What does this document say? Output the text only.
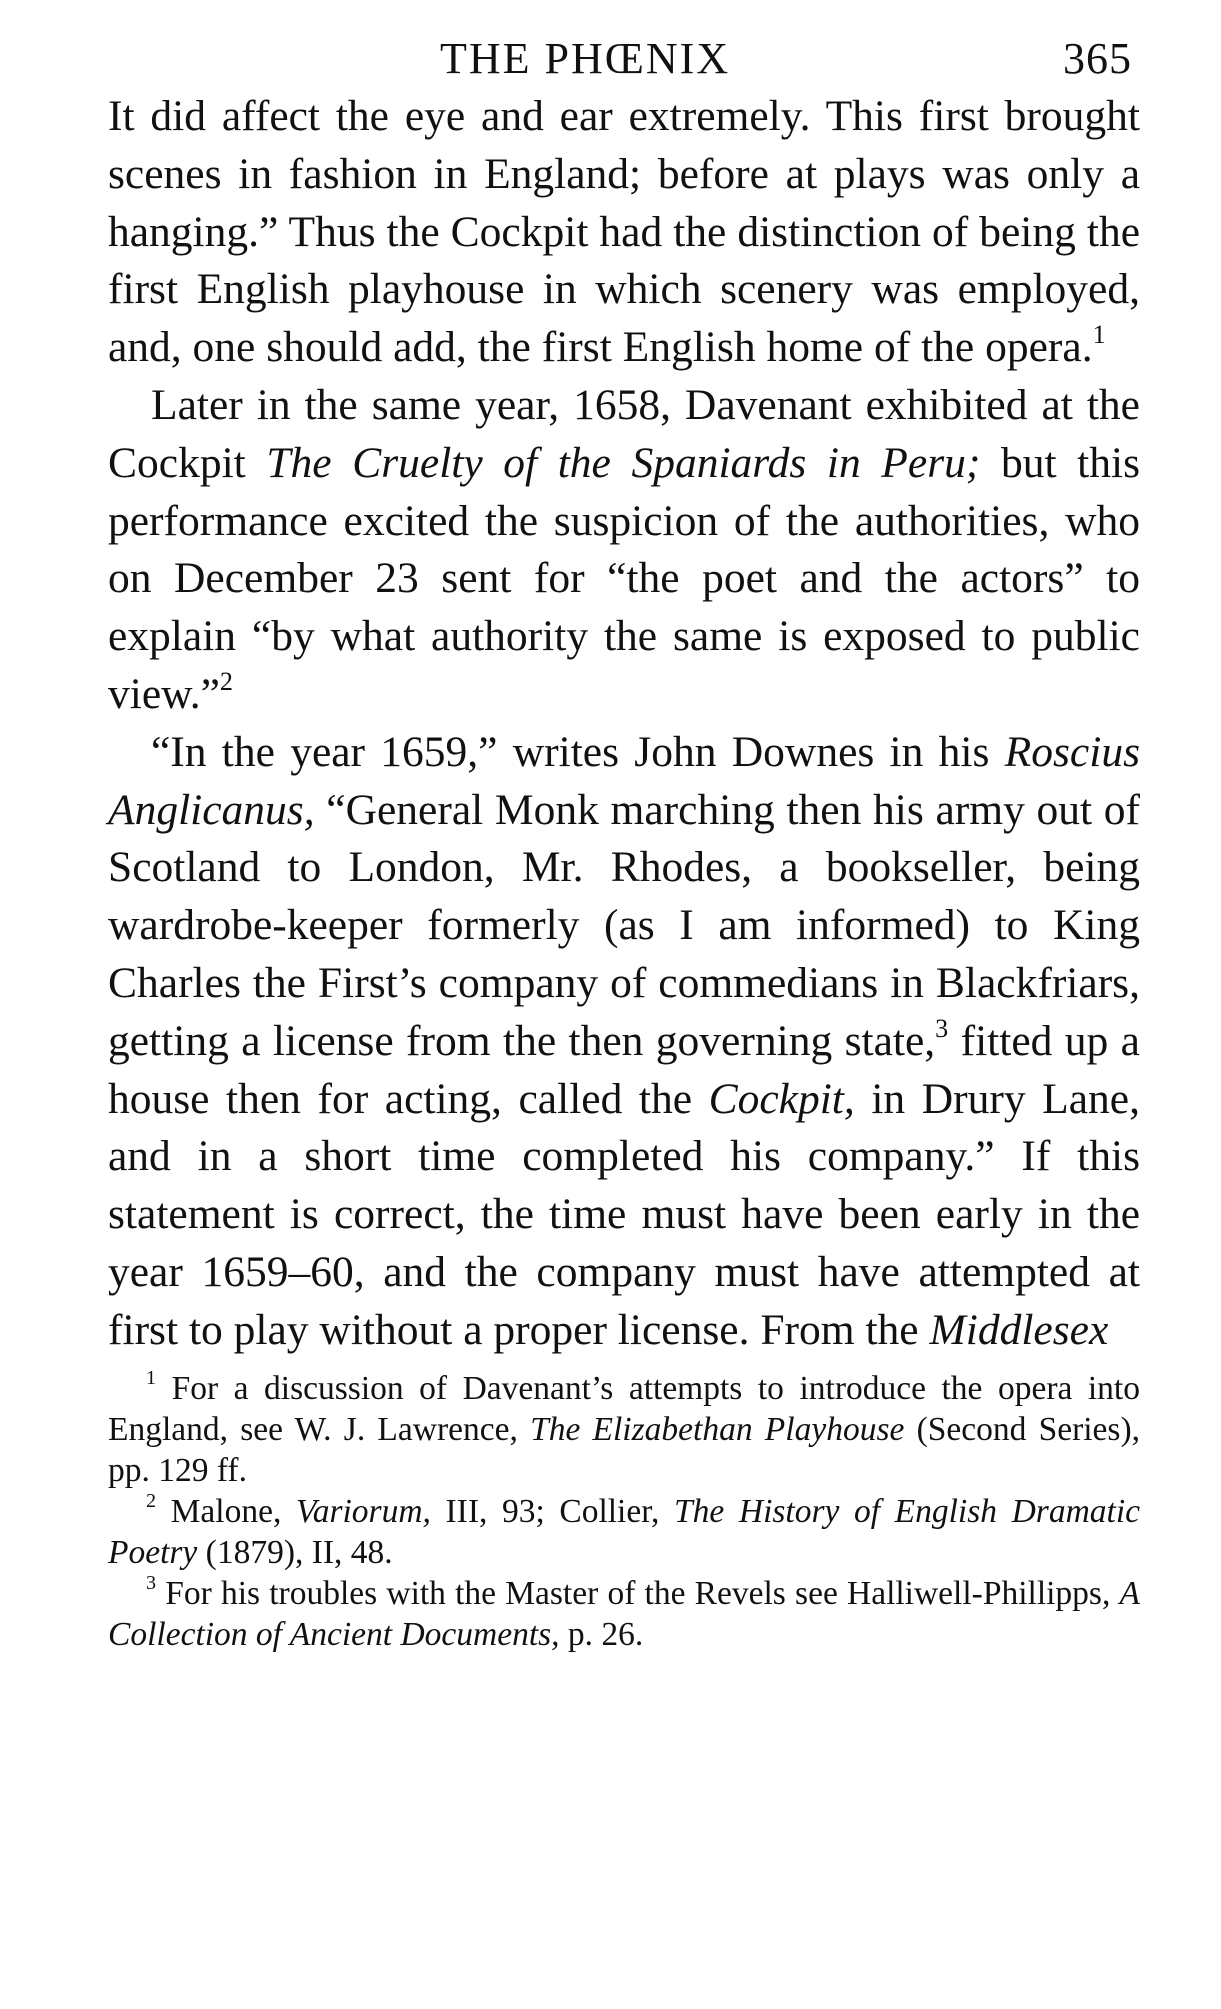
THE PHŒNIX	365

It did affect the eye and ear extremely. This first brought scenes in fashion in England; before at plays was only a hanging.” Thus the Cockpit had the distinction of being the first English playhouse in which scenery was employed, and, one should add, the first English home of the opera.$^1$

Later in the same year, 1658, Davenant exhibited at the Cockpit The Cruelty of the Spaniards in Peru; but this performance excited the suspicion of the authorities, who on December 23 sent for “the poet and the actors” to explain “by what authority the same is exposed to public view.”$^2$

“In the year 1659,” writes John Downes in his Roscius Anglicanus, “General Monk marching then his army out of Scotland to London, Mr. Rhodes, a bookseller, being wardrobe-keeper formerly (as I am informed) to King Charles the First’s company of commedians in Blackfriars, getting a license from the then governing state,$^3$ fitted up a house then for acting, called the Cockpit, in Drury Lane, and in a short time completed his company.” If this statement is correct, the time must have been early in the year 1659–60, and the company must have attempted at first to play without a proper license. From the Middlesex

$^1$ For a discussion of Davenant’s attempts to introduce the opera into England, see W. J. Lawrence, The Elizabethan Playhouse (Second Series), pp. 129 ff.

$^2$ Malone, Variorum, III, 93; Collier, The History of English Dramatic Poetry (1879), II, 48.

$^3$ For his troubles with the Master of the Revels see Halliwell-Phillipps, A Collection of Ancient Documents, p. 26.
